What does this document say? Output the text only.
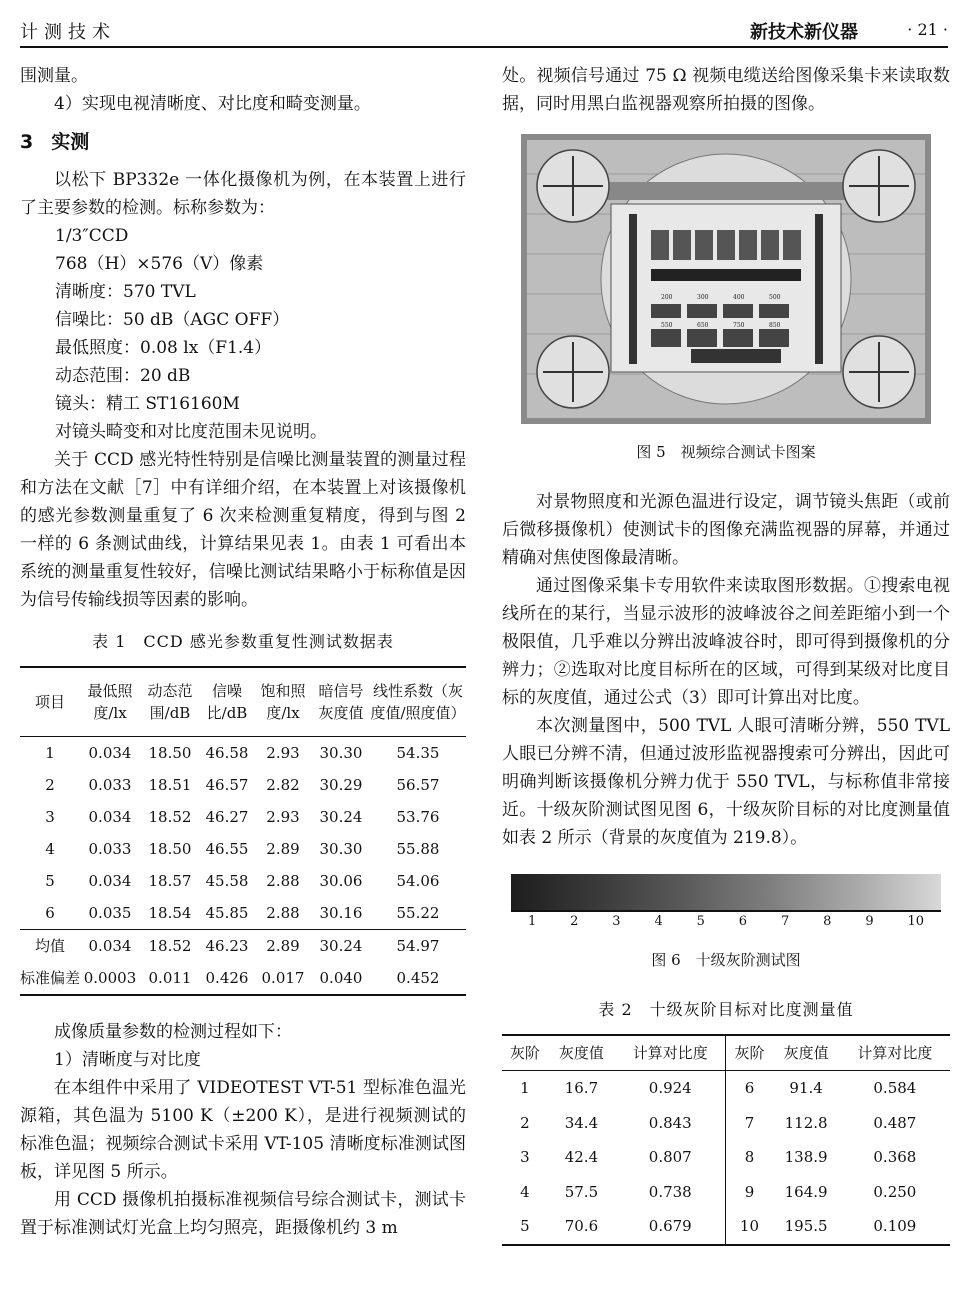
计测技术	新技术新仪器	· 21 ·

围测量。

4）实现电视清晰度、对比度和畸变测量。

3 实测

以松下 BP332e 一体化摄像机为例，在本装置上进行了主要参数的检测。标称参数为：

1/3″CCD

768（H）×576（V）像素

清晰度：570 TVL

信噪比：50 dB（AGC OFF）

最低照度：0.08 lx（F1.4）

动态范围：20 dB

镜头：精工 ST16160M

对镜头畸变和对比度范围未见说明。

关于 CCD 感光特性特别是信噪比测量装置的测量过程和方法在文献［7］中有详细介绍，在本装置上对该摄像机的感光参数测量重复了 6 次来检测重复精度，得到与图 2 一样的 6 条测试曲线，计算结果见表 1。由表 1 可看出本系统的测量重复性较好，信噪比测试结果略小于标称值是因为信号传输线损等因素的影响。

表 1　CCD 感光参数重复性测试数据表
项目	最低照度/lx	动态范围/dB	信噪比/dB	饱和照度/lx	暗信号灰度值	线性系数（灰度值/照度值）
1	0.034	18.50	46.58	2.93	30.30	54.35
2	0.033	18.51	46.57	2.82	30.29	56.57
3	0.034	18.52	46.27	2.93	30.24	53.76
4	0.033	18.50	46.55	2.89	30.30	55.88
5	0.034	18.57	45.58	2.88	30.06	54.06
6	0.035	18.54	45.85	2.88	30.16	55.22
均值	0.034	18.52	46.23	2.89	30.24	54.97
标准偏差	0.0003	0.011	0.426	0.017	0.040	0.452

成像质量参数的检测过程如下：

1）清晰度与对比度

在本组件中采用了 VIDEOTEST VT-51 型标准色温光源箱，其色温为 5100 K（±200 K），是进行视频测试的标准色温；视频综合测试卡采用 VT-105 清晰度标准测试图板，详见图 5 所示。

用 CCD 摄像机拍摄标准视频信号综合测试卡，测试卡置于标准测试灯光盒上均匀照亮，距摄像机约 3 m

处。视频信号通过 75 Ω 视频电缆送给图像采集卡来读取数据，同时用黑白监视器观察所拍摄的图像。

200	300	400	500
550	650	750	850
图 5　视频综合测试卡图案

对景物照度和光源色温进行设定，调节镜头焦距（或前后微移摄像机）使测试卡的图像充满监视器的屏幕，并通过精确对焦使图像最清晰。

通过图像采集卡专用软件来读取图形数据。①搜索电视线所在的某行，当显示波形的波峰波谷之间差距缩小到一个极限值，几乎难以分辨出波峰波谷时，即可得到摄像机的分辨力；②选取对比度目标所在的区域，可得到某级对比度目标的灰度值，通过公式（3）即可计算出对比度。

本次测量图中，500 TVL 人眼可清晰分辨，550 TVL 人眼已分辨不清，但通过波形监视器搜索可分辨出，因此可明确判断该摄像机分辨力优于 550 TVL，与标称值非常接近。十级灰阶测试图见图 6，十级灰阶目标的对比度测量值如表 2 所示（背景的灰度值为 219.8）。

1	2	3	4	5	6	7	8	9	10
图 6　十级灰阶测试图
表 2　十级灰阶目标对比度测量值
灰阶	灰度值	计算对比度	灰阶	灰度值	计算对比度
1	16.7	0.924	6	91.4	0.584
2	34.4	0.843	7	112.8	0.487
3	42.4	0.807	8	138.9	0.368
4	57.5	0.738	9	164.9	0.250
5	70.6	0.679	10	195.5	0.109
